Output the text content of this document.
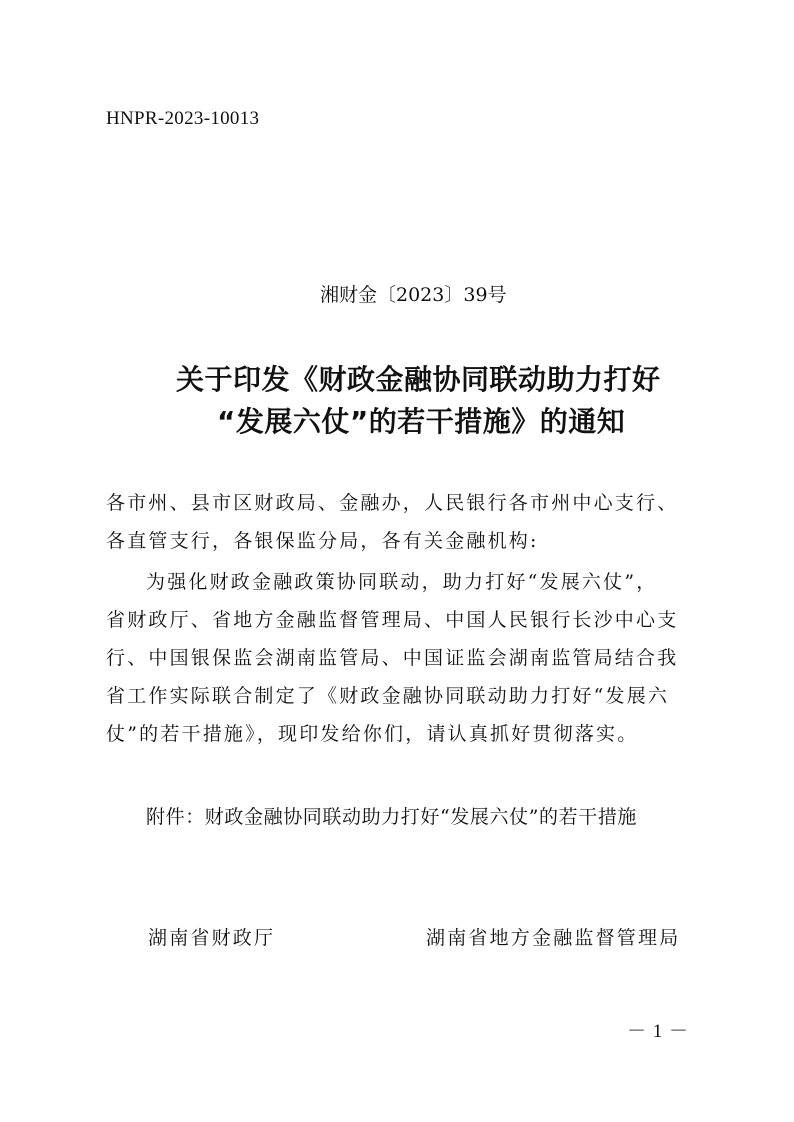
HNPR-2023-10013
湘财金〔2023〕39号
关于印发《财政金融协同联动助力打好
“发展六仗”的若干措施》的通知
各市州、县市区财政局、金融办，人民银行各市州中心支行、
各直管支行，各银保监分局，各有关金融机构:
为强化财政金融政策协同联动，助力打好“发展六仗”，
省财政厅、省地方金融监督管理局、中国人民银行长沙中心支
行、中国银保监会湖南监管局、中国证监会湖南监管局结合我
省工作实际联合制定了《财政金融协同联动助力打好“发展六
仗”的若干措施》，现印发给你们，请认真抓好贯彻落实。
附件：财政金融协同联动助力打好“发展六仗”的若干措施
湖南省财政厅	湖南省地方金融监督管理局
－ 1 －
